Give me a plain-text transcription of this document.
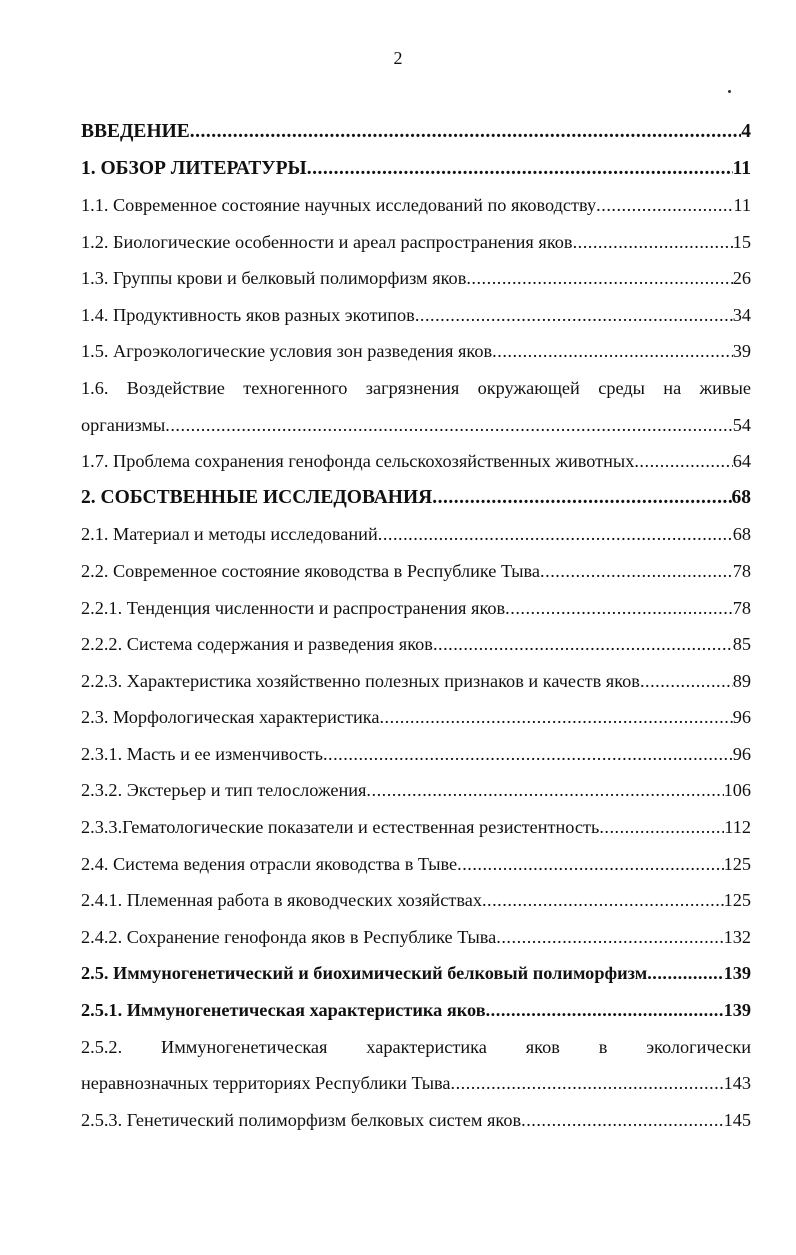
2
ВВЕДЕНИЕ .....	4
1. ОБЗОР ЛИТЕРАТУРЫ .....	11
1.1. Современное состояние научных исследований по яководству .....	11
1.2. Биологические особенности и ареал распространения яков .....	15
1.3. Группы крови и белковый полиморфизм яков .....	26
1.4. Продуктивность яков разных экотипов .....	34
1.5. Агроэкологические условия зон разведения яков .....	39
1.6. Воздействие техногенного загрязнения окружающей среды на живые
организмы .....	54
1.7. Проблема сохранения генофонда сельскохозяйственных животных .....	64
2. СОБСТВЕННЫЕ ИССЛЕДОВАНИЯ .....	68
2.1. Материал и методы исследований .....	68
2.2. Современное состояние яководства в Республике Тыва .....	78
2.2.1. Тенденция численности и распространения яков .....	78
2.2.2. Система содержания и разведения яков .....	85
2.2.3. Характеристика хозяйственно полезных признаков и качеств яков .....	89
2.3. Морфологическая характеристика .....	96
2.3.1. Масть и ее изменчивость .....	96
2.3.2. Экстерьер и тип телосложения .....	106
2.3.3.Гематологические показатели и естественная резистентность .....	112
2.4. Система ведения отрасли яководства в Тыве .....	125
2.4.1. Племенная работа в яководческих хозяйствах .....	125
2.4.2. Сохранение генофонда яков в Республике Тыва .....	132
2.5. Иммуногенетический и биохимический белковый полиморфизм .....	139
2.5.1. Иммуногенетическая характеристика яков .....	139
2.5.2. Иммуногенетическая характеристика яков в экологически
неравнозначных территориях Республики Тыва .....	143
2.5.3. Генетический полиморфизм белковых систем яков .....	145
